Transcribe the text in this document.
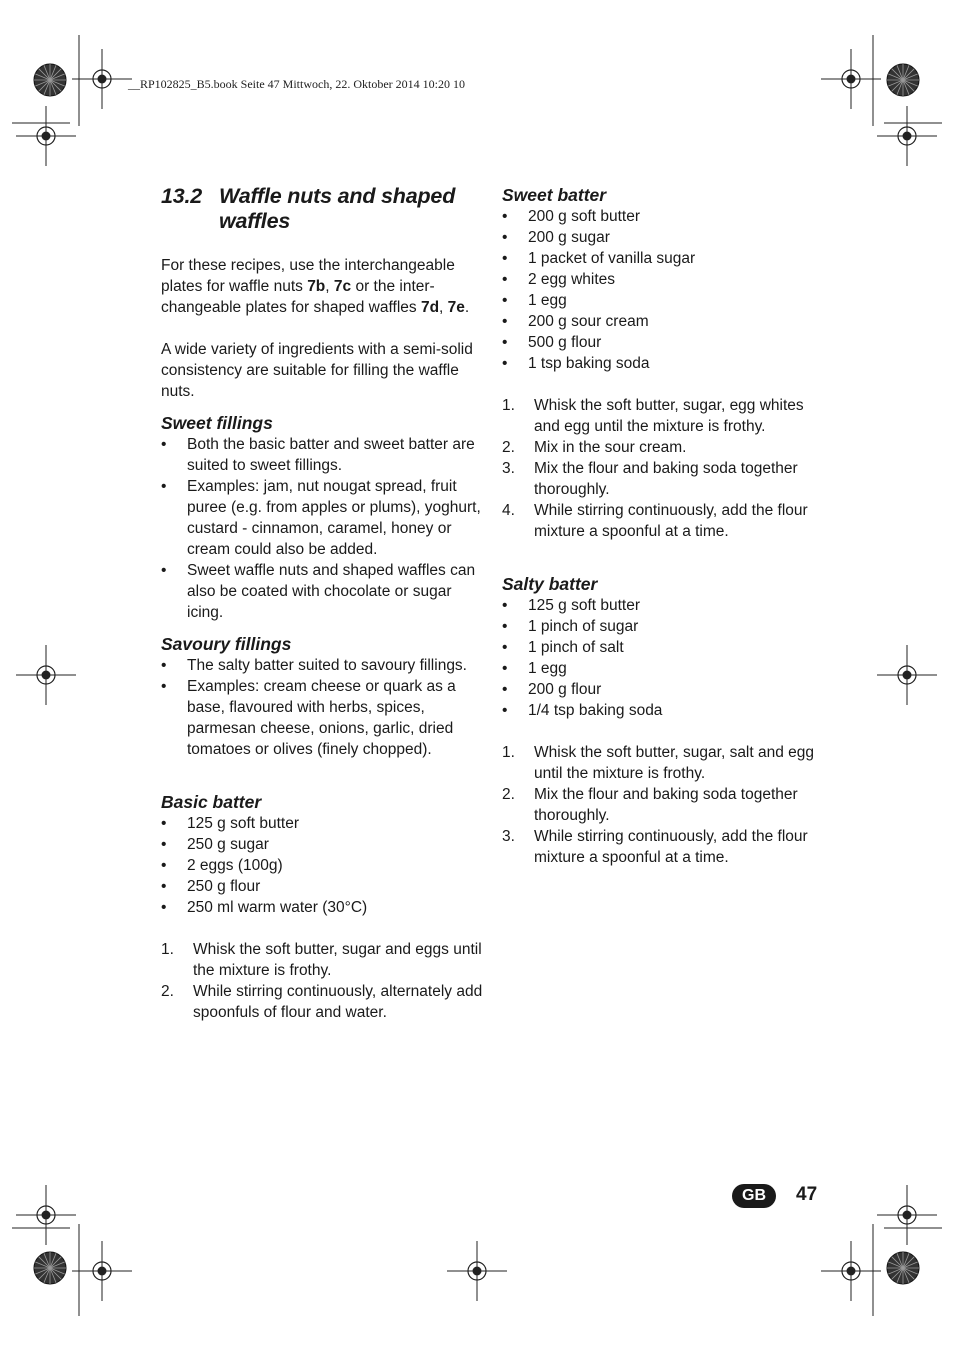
__RP102825_B5.book Seite 47 Mittwoch, 22. Oktober 2014 10:20 10
13.2 Waffle nuts and shaped
waffles

For these recipes, use the interchangeable plates for waffle nuts 7b, 7c or the inter-changeable plates for shaped waffles 7d, 7e.

A wide variety of ingredients with a semi-solid consistency are suitable for filling the waffle nuts.

Sweet fillings
• Both the basic batter and sweet batter are suited to sweet fillings.
• Examples: jam, nut nougat spread, fruit puree (e.g. from apples or plums), yoghurt, custard - cinnamon, caramel, honey or cream could also be added.
• Sweet waffle nuts and shaped waffles can also be coated with chocolate or sugar icing.
Savoury fillings
• The salty batter suited to savoury fillings.
• Examples: cream cheese or quark as a base, flavoured with herbs, spices, parmesan cheese, onions, garlic, dried tomatoes or olives (finely chopped).
Basic batter
• 125 g soft butter
• 250 g sugar
• 2 eggs (100g)
• 250 g flour
• 250 ml warm water (30°C)
1. Whisk the soft butter, sugar and eggs until the mixture is frothy.
2. While stirring continuously, alternately add spoonfuls of flour and water.
Sweet batter
• 200 g soft butter
• 200 g sugar
• 1 packet of vanilla sugar
• 2 egg whites
• 1 egg
• 200 g sour cream
• 500 g flour
• 1 tsp baking soda
1. Whisk the soft butter, sugar, egg whites and egg until the mixture is frothy.
2. Mix in the sour cream.
3. Mix the flour and baking soda together thoroughly.
4. While stirring continuously, add the flour mixture a spoonful at a time.
Salty batter
• 125 g soft butter
• 1 pinch of sugar
• 1 pinch of salt
• 1 egg
• 200 g flour
• 1/4 tsp baking soda
1. Whisk the soft butter, sugar, salt and egg until the mixture is frothy.
2. Mix the flour and baking soda together thoroughly.
3. While stirring continuously, add the flour mixture a spoonful at a time.
GB	47
